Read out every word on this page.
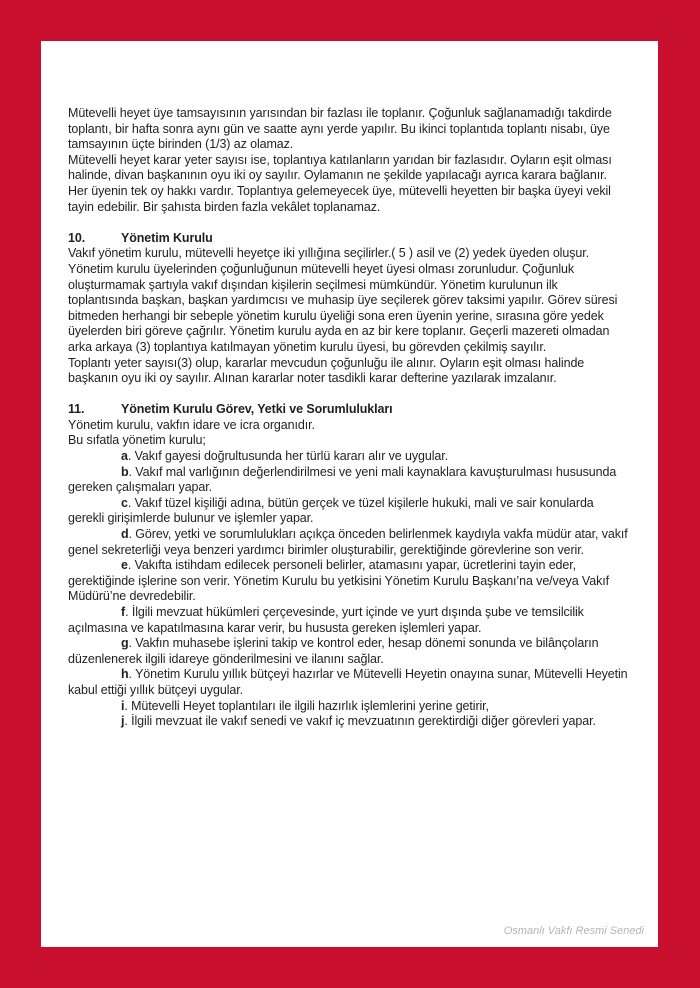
Mütevelli heyet üye tamsayısının yarısından bir fazlası ile toplanır. Çoğunluk sağlanamadığı takdirde toplantı, bir hafta sonra aynı gün ve saatte aynı yerde yapılır. Bu ikinci toplantıda toplantı nisabı, üye tamsayının üçte birinden (1/3) az olamaz.

Mütevelli heyet karar yeter sayısı ise, toplantıya katılanların yarıdan bir fazlasıdır. Oyların eşit olması halinde, divan başkanının oyu iki oy sayılır. Oylamanın ne şekilde yapılacağı ayrıca karara bağlanır. Her üyenin tek oy hakkı vardır. Toplantıya gelemeyecek üye, mütevelli heyetten bir başka üyeyi vekil tayin edebilir. Bir şahısta birden fazla vekâlet toplanamaz.

10.	Yönetim Kurulu

Vakıf yönetim kurulu, mütevelli heyetçe iki yıllığına seçilirler.( 5 ) asil ve (2) yedek üyeden oluşur. Yönetim kurulu üyelerinden çoğunluğunun mütevelli heyet üyesi olması zorunludur. Çoğunluk oluşturmamak şartıyla vakıf dışından kişilerin seçilmesi mümkündür. Yönetim kurulunun ilk toplantısında başkan, başkan yardımcısı ve muhasip üye seçilerek görev taksimi yapılır. Görev süresi bitmeden herhangi bir sebeple yönetim kurulu üyeliği sona eren üyenin yerine, sırasına göre yedek üyelerden biri göreve çağrılır. Yönetim kurulu ayda en az bir kere toplanır. Geçerli mazereti olmadan arka arkaya (3) toplantıya katılmayan yönetim kurulu üyesi, bu görevden çekilmiş sayılır.

Toplantı yeter sayısı(3) olup, kararlar mevcudun çoğunluğu ile alınır. Oyların eşit olması halinde başkanın oyu iki oy sayılır. Alınan kararlar noter tasdikli karar defterine yazılarak imzalanır.

11.	Yönetim Kurulu Görev, Yetki ve Sorumlulukları

Yönetim kurulu, vakfın idare ve icra organıdır.

Bu sıfatla yönetim kurulu;

a. Vakıf gayesi doğrultusunda her türlü kararı alır ve uygular.

b. Vakıf mal varlığının değerlendirilmesi ve yeni mali kaynaklara kavuşturulması hususunda gereken çalışmaları yapar.

c. Vakıf tüzel kişiliği adına, bütün gerçek ve tüzel kişilerle hukuki, mali ve sair konularda gerekli girişimlerde bulunur ve işlemler yapar.

d. Görev, yetki ve sorumlulukları açıkça önceden belirlenmek kaydıyla vakfa müdür atar, vakıf genel sekreterliği veya benzeri yardımcı birimler oluşturabilir, gerektiğinde görevlerine son verir.

e. Vakıfta istihdam edilecek personeli belirler, atamasını yapar, ücretlerini tayin eder, gerektiğinde işlerine son verir. Yönetim Kurulu bu yetkisini Yönetim Kurulu Başkanı’na ve/veya Vakıf Müdürü’ne devredebilir.

f. İlgili mevzuat hükümleri çerçevesinde, yurt içinde ve yurt dışında şube ve temsilcilik açılmasına ve kapatılmasına karar verir, bu hususta gereken işlemleri yapar.

g. Vakfın muhasebe işlerini takip ve kontrol eder, hesap dönemi sonunda ve bilânçoların düzenlenerek ilgili idareye gönderilmesini ve ilanını sağlar.

h. Yönetim Kurulu yıllık bütçeyi hazırlar ve Mütevelli Heyetin onayına sunar, Mütevelli Heyetin kabul ettiği yıllık bütçeyi uygular.

i. Mütevelli Heyet toplantıları ile ilgili hazırlık işlemlerini yerine getirir,

j. İlgili mevzuat ile vakıf senedi ve vakıf iç mevzuatının gerektirdiği diğer görevleri yapar.

Osmanlı Vakfı Resmi Senedi
